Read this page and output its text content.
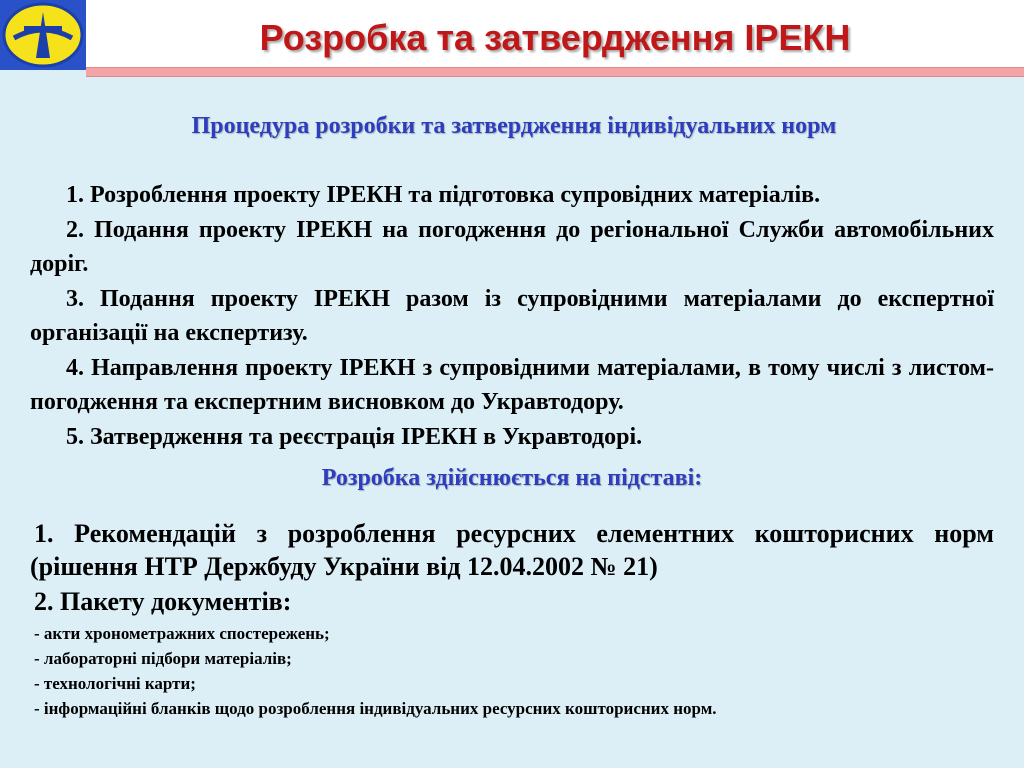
Розробка та затвердження ІРЕКН
Процедура розробки та затвердження індивідуальних норм

1. Розроблення проекту ІРЕКН та підготовка супровідних матеріалів.

2. Подання проекту ІРЕКН на погодження до регіональної Служби автомобільних доріг.

3. Подання проекту ІРЕКН разом із супровідними матеріалами до експертної організації на експертизу.

4. Направлення проекту ІРЕКН з супровідними матеріалами, в тому числі з листом-погодження та експертним висновком до Укравтодору.

5. Затвердження та реєстрація ІРЕКН в Укравтодорі.

Розробка здійснюється на підставі:

1. Рекомендацій з розроблення ресурсних елементних кошторисних норм (рішення НТР Держбуду України від 12.04.2002 № 21)

2. Пакету документів:

- акти хронометражних спостережень;
- лабораторні підбори матеріалів;
- технологічні карти;
- інформаційні бланків щодо розроблення індивідуальних ресурсних кошторисних норм.
